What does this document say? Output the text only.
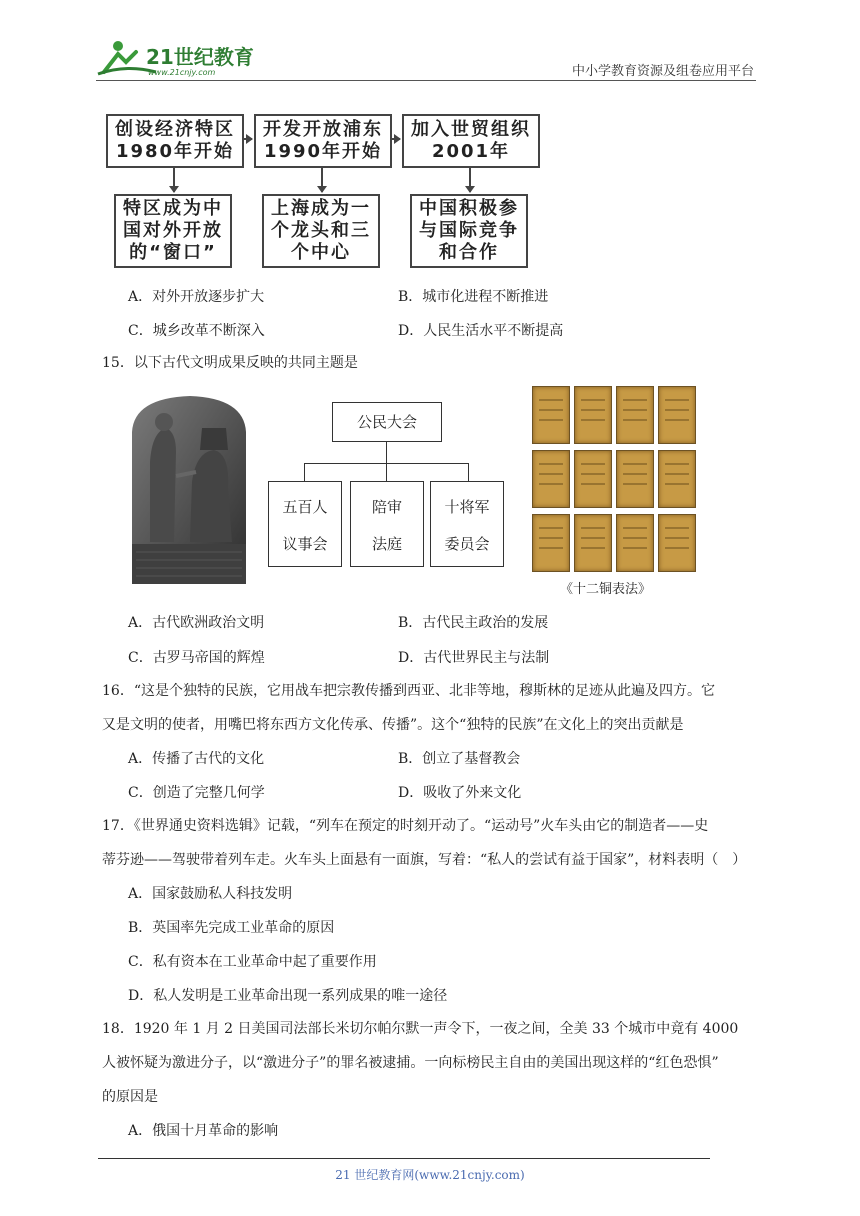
21世纪教育
www.21cnjy.com	中小学教育资源及组卷应用平台
创设经济特区
1980年开始
开发开放浦东
1990年开始
加入世贸组织
2001年
特区成为中
国对外开放
的“窗口”
上海成为一
个龙头和三
个中心
中国积极参
与国际竞争
和合作
A．对外开放逐步扩大	B．城市化进程不断推进
C．城乡改革不断深入	D．人民生活水平不断提高
15．以下古代文明成果反映的共同主题是
公民大会
五百人
议事会
陪审
法庭
十将军
委员会
《十二铜表法》
A．古代欧洲政治文明	B．古代民主政治的发展
C．古罗马帝国的辉煌	D．古代世界民主与法制
16．“这是个独特的民族，它用战车把宗教传播到西亚、北非等地，穆斯林的足迹从此遍及四方。它
又是文明的使者，用嘴巴将东西方文化传承、传播”。这个“独特的民族”在文化上的突出贡献是
A．传播了古代的文化	B．创立了基督教会
C．创造了完整几何学	D．吸收了外来文化
17．《世界通史资料选辑》记载，“列车在预定的时刻开动了。“运动号”火车头由它的制造者——史
蒂芬逊——驾驶带着列车走。火车头上面悬有一面旗，写着：“私人的尝试有益于国家”，材料表明（　）
A．国家鼓励私人科技发明
B．英国率先完成工业革命的原因
C．私有资本在工业革命中起了重要作用
D．私人发明是工业革命出现一系列成果的唯一途径
18．1920 年 1 月 2 日美国司法部长米切尔帕尔默一声令下，一夜之间，全美 33 个城市中竟有 4000
人被怀疑为激进分子，以“激进分子”的罪名被逮捕。一向标榜民主自由的美国出现这样的“红色恐惧”
的原因是
A．俄国十月革命的影响
21 世纪教育网(www.21cnjy.com)
